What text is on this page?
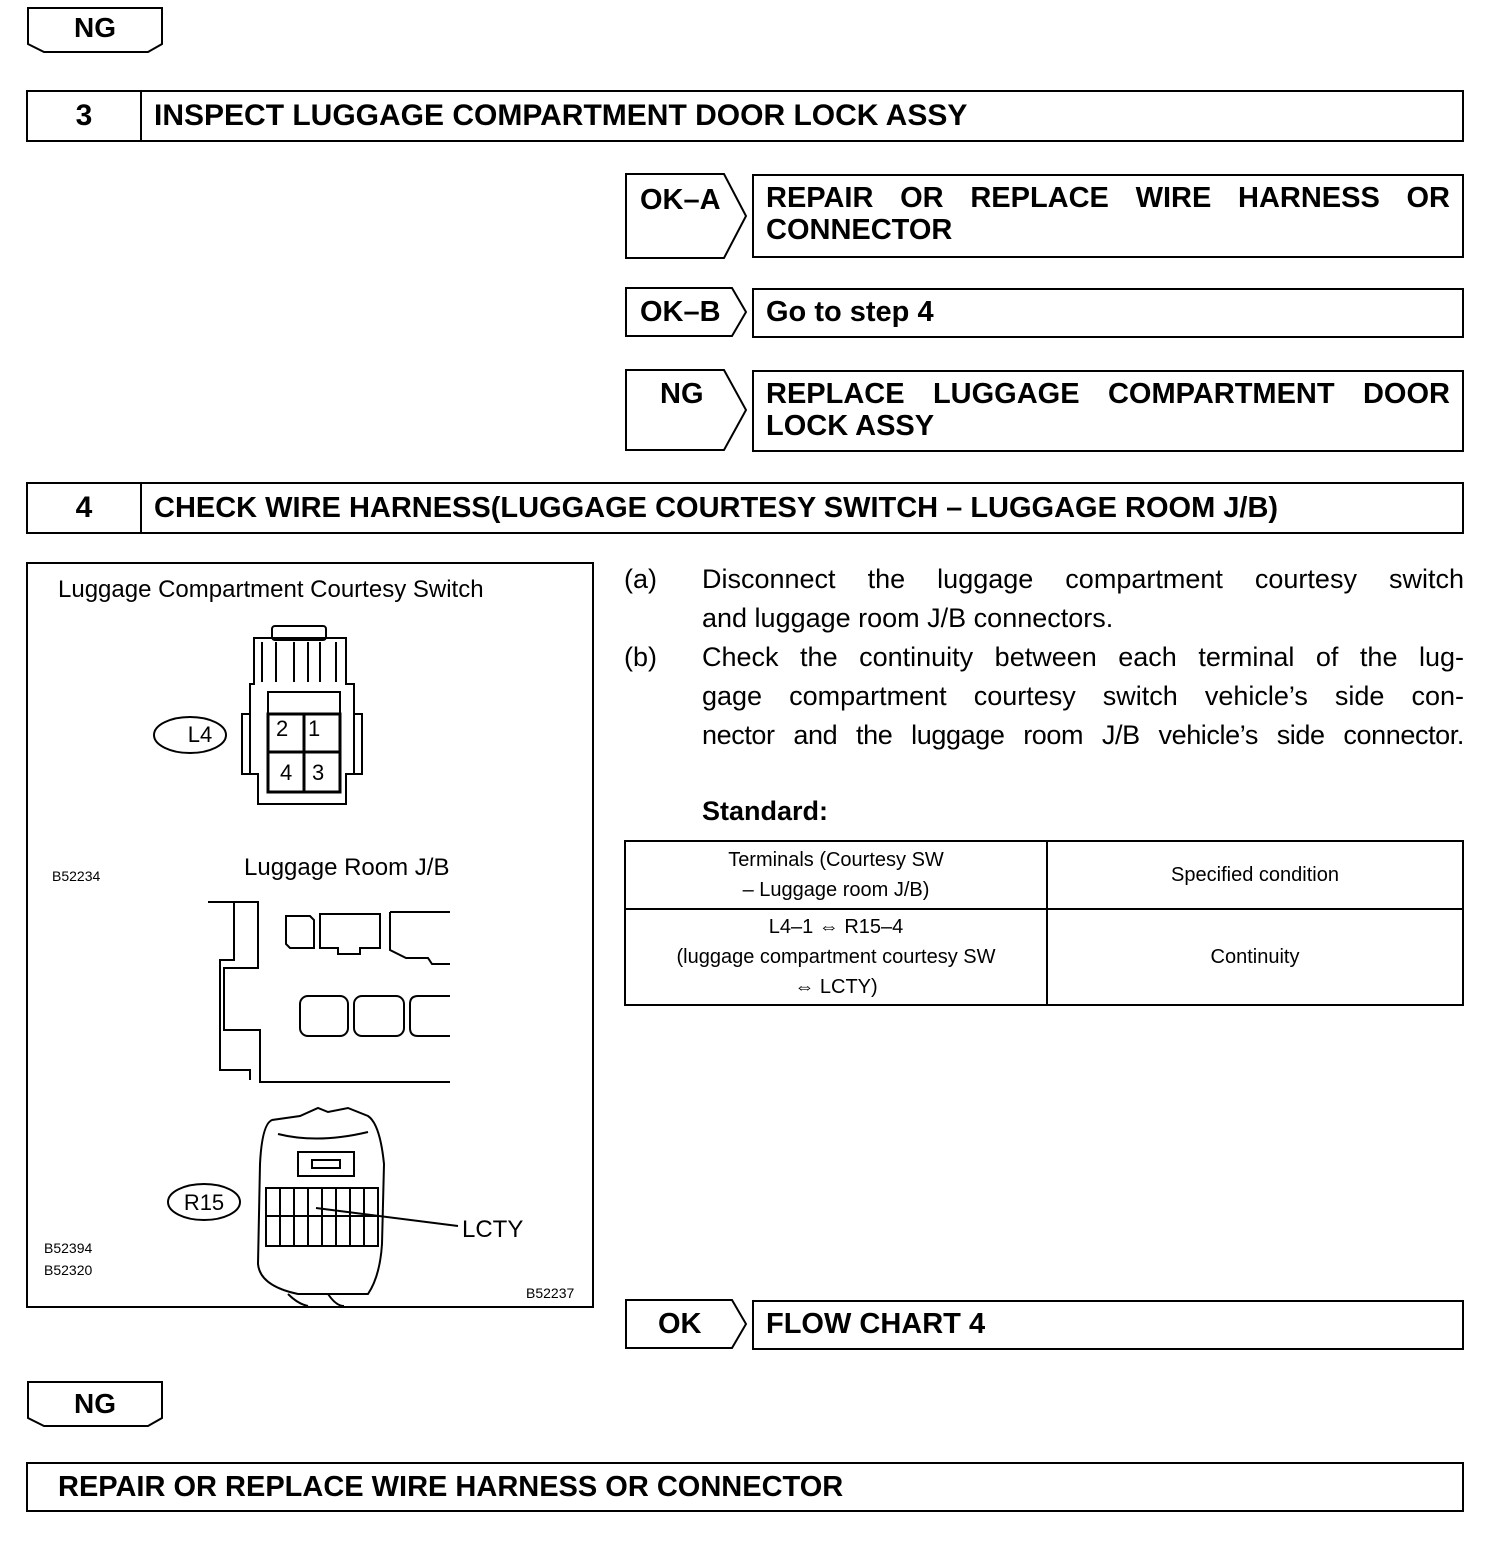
NG
3	INSPECT LUGGAGE COMPARTMENT DOOR LOCK ASSY
OK–A REPAIR OR REPLACE WIRE HARNESS OR
CONNECTOR
OK–B Go to step 4
NG REPLACE LUGGAGE COMPARTMENT DOOR
LOCK ASSY
4	CHECK WIRE HARNESS(LUGGAGE COURTESY SWITCH – LUGGAGE ROOM J/B)
Luggage Compartment Courtesy Switch
2 1
4 3
L4
B52234	Luggage Room J/B
R15
LCTY
B52394
B52320
B52237
(a) Disconnect the luggage compartment courtesy switch
and luggage room J/B connectors.
(b) Check the continuity between each terminal of the lug-
gage compartment courtesy switch vehicle’s side con-
nector and the luggage room J/B vehicle’s side connector.
Standard:
Terminals (Courtesy SW
– Luggage room J/B)	Specified condition

L4–1 ⇔ R15–4
(luggage compartment courtesy SW
⇔ LCTY)	Continuity
OK FLOW CHART 4
NG
REPAIR OR REPLACE WIRE HARNESS OR CONNECTOR
